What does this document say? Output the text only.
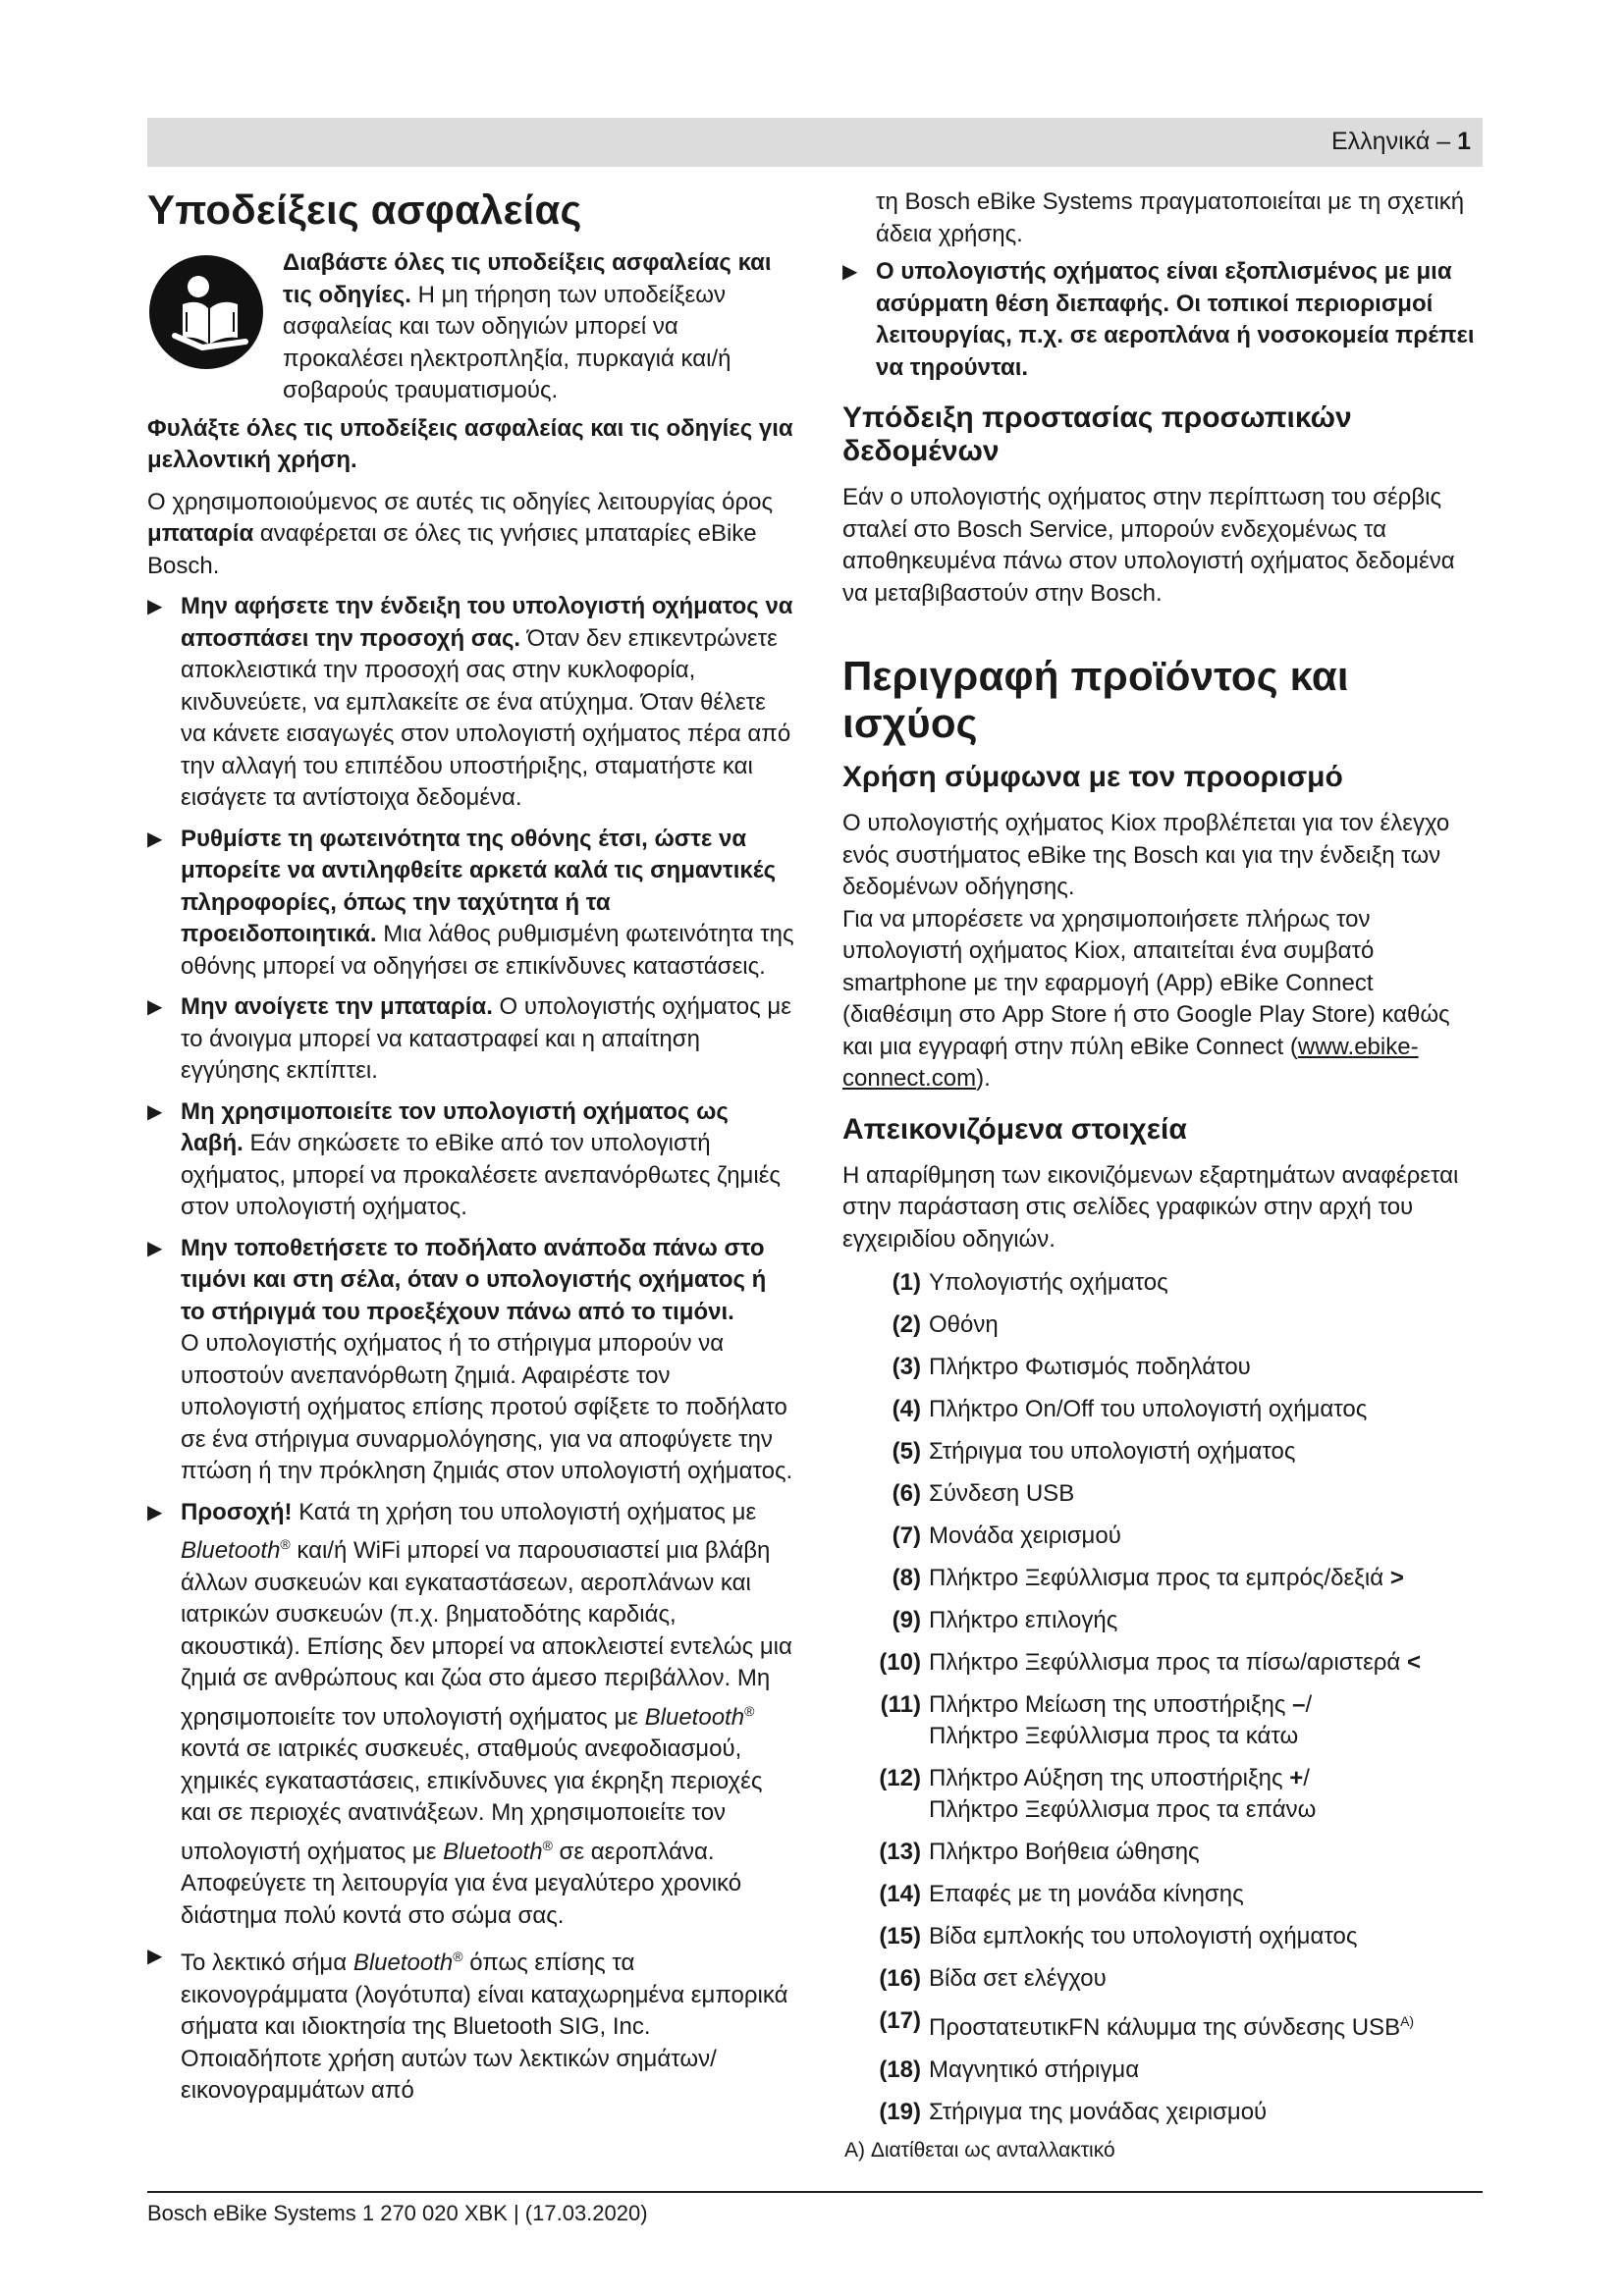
Ελληνικά – 1
Υποδείξεις ασφαλείας

Διαβάστε όλες τις υποδείξεις ασφαλείας και τις οδηγίες. Η μη τήρηση των υποδείξεων ασφαλείας και των οδηγιών μπορεί να προκαλέσει ηλεκτροπληξία, πυρκαγιά και/ή σοβαρούς τραυματισμούς.

Φυλάξτε όλες τις υποδείξεις ασφαλείας και τις οδηγίες για μελλοντική χρήση.

Ο χρησιμοποιούμενος σε αυτές τις οδηγίες λειτουργίας όρος μπαταρία αναφέρεται σε όλες τις γνήσιες μπαταρίες eBike Bosch.

▶ Μην αφήσετε την ένδειξη του υπολογιστή οχήματος να αποσπάσει την προσοχή σας. Όταν δεν επικεντρώνετε αποκλειστικά την προσοχή σας στην κυκλοφορία, κινδυνεύετε, να εμπλακείτε σε ένα ατύχημα. Όταν θέλετε να κάνετε εισαγωγές στον υπολογιστή οχήματος πέρα από την αλλαγή του επιπέδου υποστήριξης, σταματήστε και εισάγετε τα αντίστοιχα δεδομένα.
▶ Ρυθμίστε τη φωτεινότητα της οθόνης έτσι, ώστε να μπορείτε να αντιληφθείτε αρκετά καλά τις σημαντικές πληροφορίες, όπως την ταχύτητα ή τα προειδοποιητικά. Μια λάθος ρυθμισμένη φωτεινότητα της οθόνης μπορεί να οδηγήσει σε επικίνδυνες καταστάσεις.
▶ Μην ανοίγετε την μπαταρία. Ο υπολογιστής οχήματος με το άνοιγμα μπορεί να καταστραφεί και η απαίτηση εγγύησης εκπίπτει.
▶ Μη χρησιμοποιείτε τον υπολογιστή οχήματος ως λαβή. Εάν σηκώσετε το eBike από τον υπολογιστή οχήματος, μπορεί να προκαλέσετε ανεπανόρθωτες ζημιές στον υπολογιστή οχήματος.
▶ Μην τοποθετήσετε το ποδήλατο ανάποδα πάνω στο τιμόνι και στη σέλα, όταν ο υπολογιστής οχήματος ή το στήριγμά του προεξέχουν πάνω από το τιμόνι.
Ο υπολογιστής οχήματος ή το στήριγμα μπορούν να υποστούν ανεπανόρθωτη ζημιά. Αφαιρέστε τον υπολογιστή οχήματος επίσης προτού σφίξετε το ποδήλατο σε ένα στήριγμα συναρμολόγησης, για να αποφύγετε την πτώση ή την πρόκληση ζημιάς στον υπολογιστή οχήματος.
▶ Προσοχή! Κατά τη χρήση του υπολογιστή οχήματος με Bluetooth® και/ή WiFi μπορεί να παρουσιαστεί μια βλάβη άλλων συσκευών και εγκαταστάσεων, αεροπλάνων και ιατρικών συσκευών (π.χ. βηματοδότης καρδιάς, ακουστικά). Επίσης δεν μπορεί να αποκλειστεί εντελώς μια ζημιά σε ανθρώπους και ζώα στο άμεσο περιβάλλον. Μη χρησιμοποιείτε τον υπολογιστή οχήματος με Bluetooth® κοντά σε ιατρικές συσκευές, σταθμούς ανεφοδιασμού, χημικές εγκαταστάσεις, επικίνδυνες για έκρηξη περιοχές και σε περιοχές ανατινάξεων. Μη χρησιμοποιείτε τον υπολογιστή οχήματος με Bluetooth® σε αεροπλάνα. Αποφεύγετε τη λειτουργία για ένα μεγαλύτερο χρονικό διάστημα πολύ κοντά στο σώμα σας.
▶ Το λεκτικό σήμα Bluetooth® όπως επίσης τα εικονογράμματα (λογότυπα) είναι καταχωρημένα εμπορικά σήματα και ιδιοκτησία της Bluetooth SIG, Inc. Οποιαδήποτε χρήση αυτών των λεκτικών σημάτων/εικονογραμμάτων από

τη Bosch eBike Systems πραγματοποιείται με τη σχετική άδεια χρήσης.

▶ Ο υπολογιστής οχήματος είναι εξοπλισμένος με μια ασύρματη θέση διεπαφής. Οι τοπικοί περιορισμοί λειτουργίας, π.χ. σε αεροπλάνα ή νοσοκομεία πρέπει να τηρούνται.
Υπόδειξη προστασίας προσωπικών δεδομένων

Εάν ο υπολογιστής οχήματος στην περίπτωση του σέρβις σταλεί στο Bosch Service, μπορούν ενδεχομένως τα αποθηκευμένα πάνω στον υπολογιστή οχήματος δεδομένα να μεταβιβαστούν στην Bosch.

Περιγραφή προϊόντος και ισχύος
Χρήση σύμφωνα με τον προορισμό

Ο υπολογιστής οχήματος Kiox προβλέπεται για τον έλεγχο ενός συστήματος eBike της Bosch και για την ένδειξη των δεδομένων οδήγησης.

Για να μπορέσετε να χρησιμοποιήσετε πλήρως τον υπολογιστή οχήματος Kiox, απαιτείται ένα συμβατό smartphone με την εφαρμογή (App) eBike Connect (διαθέσιμη στο App Store ή στο Google Play Store) καθώς και μια εγγραφή στην πύλη eBike Connect (www.ebike-connect.com).

Απεικονιζόμενα στοιχεία

Η απαρίθμηση των εικονιζόμενων εξαρτημάτων αναφέρεται στην παράσταση στις σελίδες γραφικών στην αρχή του εγχειριδίου οδηγιών.

(1) Υπολογιστής οχήματος
(2) Οθόνη
(3) Πλήκτρο Φωτισμός ποδηλάτου
(4) Πλήκτρο On/Off του υπολογιστή οχήματος
(5) Στήριγμα του υπολογιστή οχήματος
(6) Σύνδεση USB
(7) Μονάδα χειρισμού
(8) Πλήκτρο Ξεφύλλισμα προς τα εμπρός/δεξιά >
(9) Πλήκτρο επιλογής
(10) Πλήκτρο Ξεφύλλισμα προς τα πίσω/αριστερά <
(11) Πλήκτρο Μείωση της υποστήριξης –/
Πλήκτρο Ξεφύλλισμα προς τα κάτω
(12) Πλήκτρο Αύξηση της υποστήριξης +/
Πλήκτρο Ξεφύλλισμα προς τα επάνω
(13) Πλήκτρο Βοήθεια ώθησης
(14) Επαφές με τη μονάδα κίνησης
(15) Βίδα εμπλοκής του υπολογιστή οχήματος
(16) Βίδα σετ ελέγχου
(17) ΠροστατευτικFN κάλυμμα της σύνδεσης $USB^{A)}$
(18) Μαγνητικό στήριγμα
(19) Στήριγμα της μονάδας χειρισμού
A) Διατίθεται ως ανταλλακτικό
Bosch eBike Systems 1 270 020 XBK | (17.03.2020)
